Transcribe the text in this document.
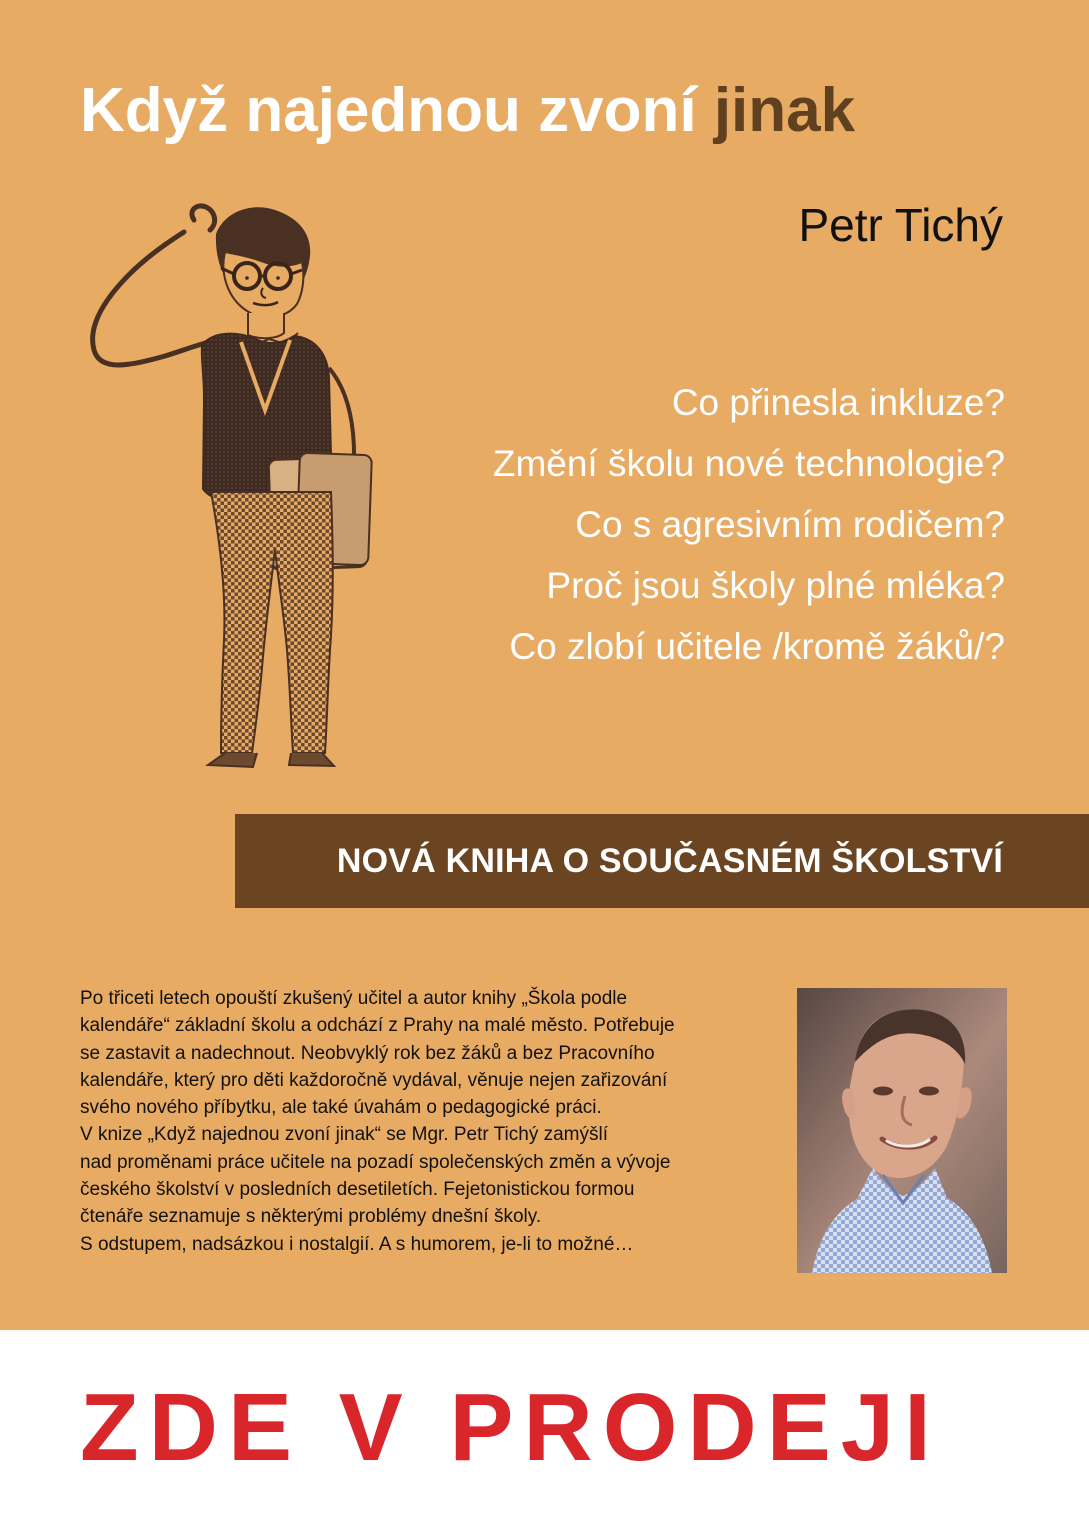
Když najednou zvoní jinak
Petr Tichý
Co přinesla inkluze?
Změní školu nové technologie?
Co s agresivním rodičem?
Proč jsou školy plné mléka?
Co zlobí učitele /kromě žáků/?
NOVÁ KNIHA O SOUČASNÉM ŠKOLSTVÍ

Po třiceti letech opouští zkušený učitel a autor knihy „Škola podle

kalendáře“ základní školu a odchází z Prahy na malé město. Potřebuje

se zastavit a nadechnout. Neobvyklý rok bez žáků a bez Pracovního

kalendáře, který pro děti každoročně vydával, věnuje nejen zařizování

svého nového příbytku, ale také úvahám o pedagogické práci.

V knize „Když najednou zvoní jinak“ se Mgr. Petr Tichý zamýšlí

nad proměnami práce učitele na pozadí společenských změn a vývoje

českého školství v posledních desetiletích. Fejetonistickou formou

čtenáře seznamuje s některými problémy dnešní školy.

S odstupem, nadsázkou i nostalgií. A s humorem, je-li to možné…

ZDE V PRODEJI
